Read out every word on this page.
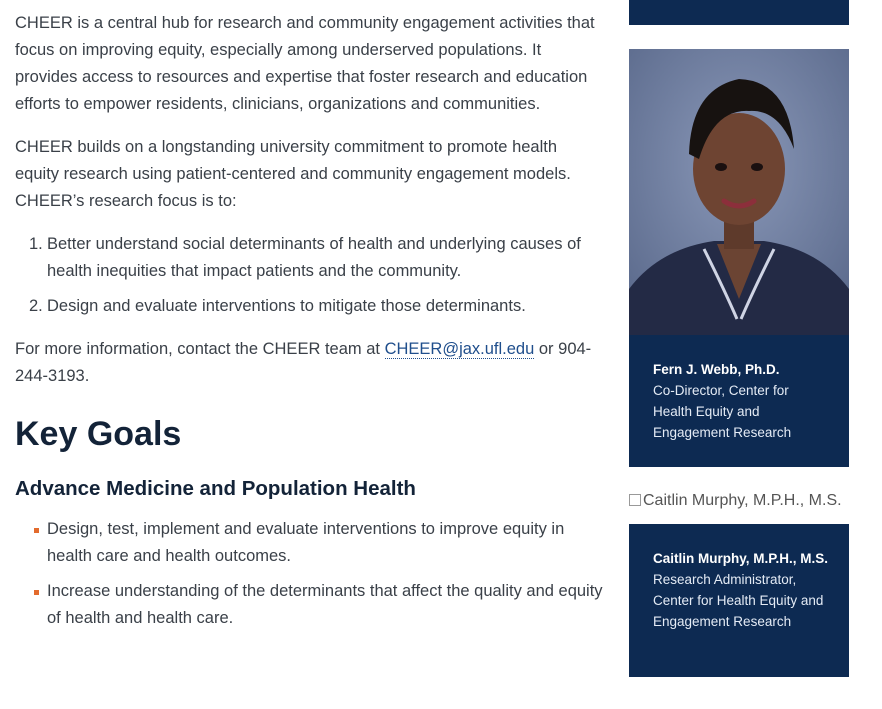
CHEER is a central hub for research and community engagement activities that focus on improving equity, especially among underserved populations. It provides access to resources and expertise that foster research and education efforts to empower residents, clinicians, organizations and communities.

CHEER builds on a longstanding university commitment to promote health equity research using patient-centered and community engagement models. CHEER’s research focus is to:

1. Better understand social determinants of health and underlying causes of health inequities that impact patients and the community.
2. Design and evaluate interventions to mitigate those determinants.

For more information, contact the CHEER team at CHEER@jax.ufl.edu or 904-244-3193.

Key Goals
Advance Medicine and Population Health
Design, test, implement and evaluate interventions to improve equity in health care and health outcomes.
Increase understanding of the determinants that affect the quality and equity of health and health care.
Fern J. Webb, Ph.D.
Co-Director, Center for Health Equity and Engagement Research
Caitlin Murphy, M.P.H., M.S.
Caitlin Murphy, M.P.H., M.S.
Research Administrator, Center for Health Equity and Engagement Research
